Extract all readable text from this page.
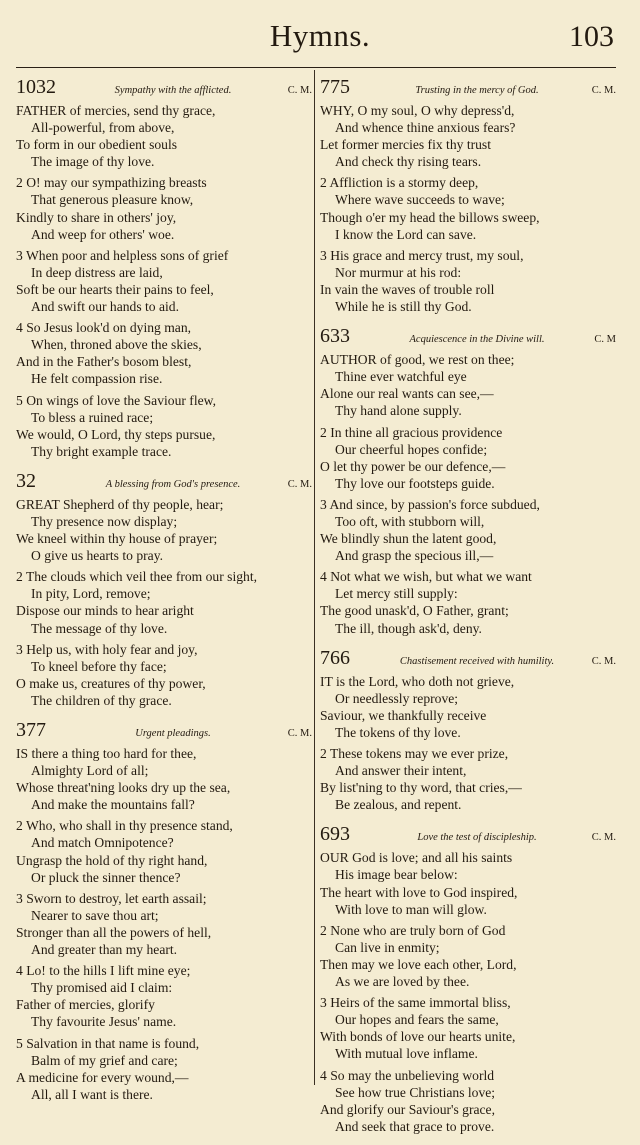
Hymns.	103
1032	Sympathy with the afflicted.	C. M.
FATHER of mercies, send thy grace,
All-powerful, from above,
To form in our obedient souls
The image of thy love.
2 O! may our sympathizing breasts
That generous pleasure know,
Kindly to share in others' joy,
And weep for others' woe.
3 When poor and helpless sons of grief
In deep distress are laid,
Soft be our hearts their pains to feel,
And swift our hands to aid.
4 So Jesus look'd on dying man,
When, throned above the skies,
And in the Father's bosom blest,
He felt compassion rise.
5 On wings of love the Saviour flew,
To bless a ruined race;
We would, O Lord, thy steps pursue,
Thy bright example trace.
32	A blessing from God's presence.	C. M.
GREAT Shepherd of thy people, hear;
Thy presence now display;
We kneel within thy house of prayer;
O give us hearts to pray.
2 The clouds which veil thee from our sight,
In pity, Lord, remove;
Dispose our minds to hear aright
The message of thy love.
3 Help us, with holy fear and joy,
To kneel before thy face;
O make us, creatures of thy power,
The children of thy grace.
377	Urgent pleadings.	C. M.
IS there a thing too hard for thee,
Almighty Lord of all;
Whose threat'ning looks dry up the sea,
And make the mountains fall?
2 Who, who shall in thy presence stand,
And match Omnipotence?
Ungrasp the hold of thy right hand,
Or pluck the sinner thence?
3 Sworn to destroy, let earth assail;
Nearer to save thou art;
Stronger than all the powers of hell,
And greater than my heart.
4 Lo! to the hills I lift mine eye;
Thy promised aid I claim:
Father of mercies, glorify
Thy favourite Jesus' name.
5 Salvation in that name is found,
Balm of my grief and care;
A medicine for every wound,—
All, all I want is there.
775	Trusting in the mercy of God.	C. M.
WHY, O my soul, O why depress'd,
And whence thine anxious fears?
Let former mercies fix thy trust
And check thy rising tears.
2 Affliction is a stormy deep,
Where wave succeeds to wave;
Though o'er my head the billows sweep,
I know the Lord can save.
3 His grace and mercy trust, my soul,
Nor murmur at his rod:
In vain the waves of trouble roll
While he is still thy God.
633	Acquiescence in the Divine will.	C. M
AUTHOR of good, we rest on thee;
Thine ever watchful eye
Alone our real wants can see,—
Thy hand alone supply.
2 In thine all gracious providence
Our cheerful hopes confide;
O let thy power be our defence,—
Thy love our footsteps guide.
3 And since, by passion's force subdued,
Too oft, with stubborn will,
We blindly shun the latent good,
And grasp the specious ill,—
4 Not what we wish, but what we want
Let mercy still supply:
The good unask'd, O Father, grant;
The ill, though ask'd, deny.
766	Chastisement received with humility.	C. M.
IT is the Lord, who doth not grieve,
Or needlessly reprove;
Saviour, we thankfully receive
The tokens of thy love.
2 These tokens may we ever prize,
And answer their intent,
By list'ning to thy word, that cries,—
Be zealous, and repent.
693	Love the test of discipleship.	C. M.
OUR God is love; and all his saints
His image bear below:
The heart with love to God inspired,
With love to man will glow.
2 None who are truly born of God
Can live in enmity;
Then may we love each other, Lord,
As we are loved by thee.
3 Heirs of the same immortal bliss,
Our hopes and fears the same,
With bonds of love our hearts unite,
With mutual love inflame.
4 So may the unbelieving world
See how true Christians love;
And glorify our Saviour's grace,
And seek that grace to prove.
